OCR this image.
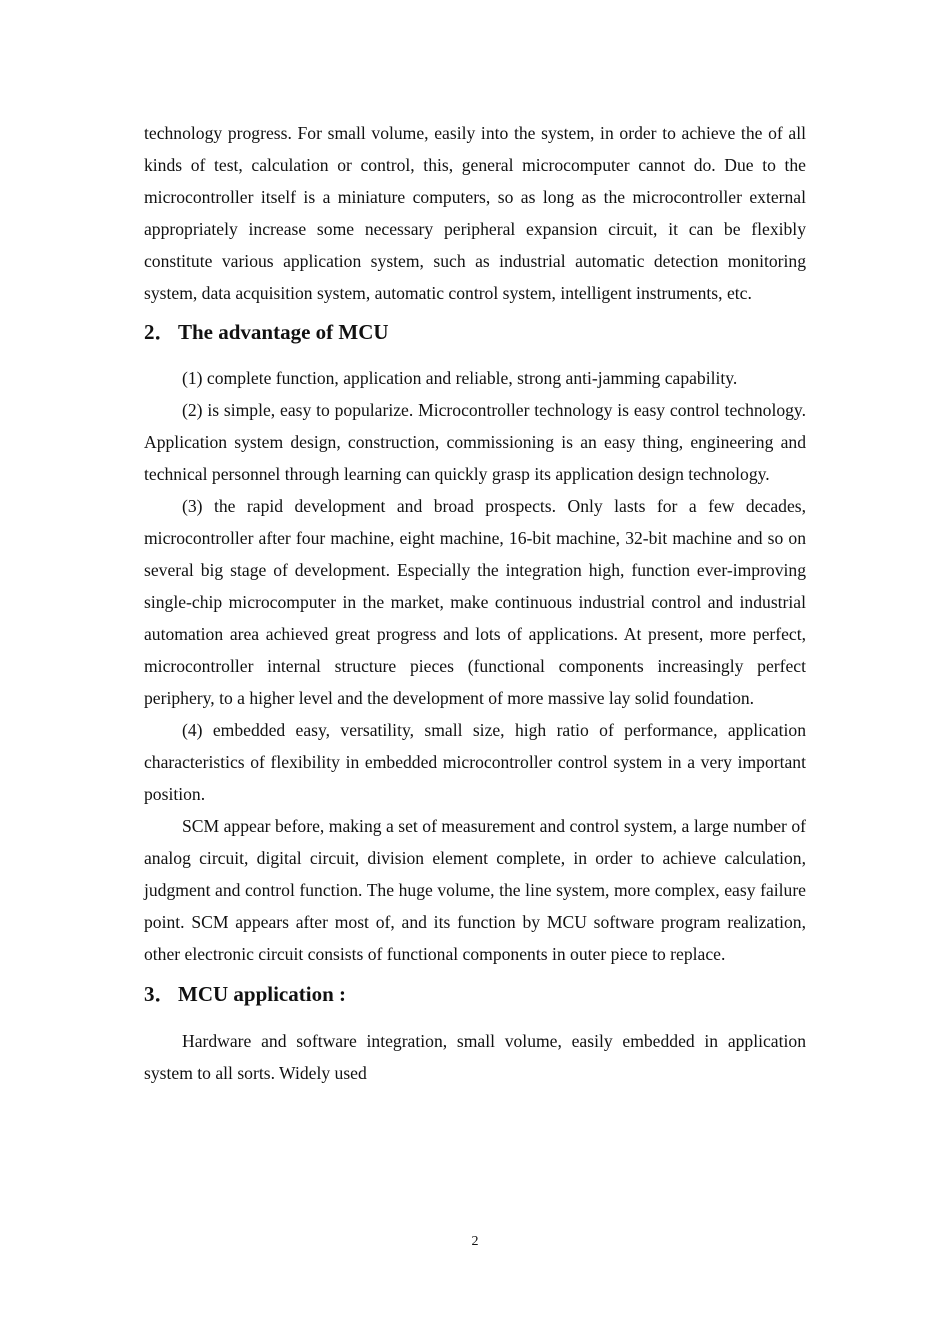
technology progress. For small volume, easily into the system, in order to achieve the of all kinds of test, calculation or control, this, general microcomputer cannot do. Due to the microcontroller itself is a miniature computers, so as long as the microcontroller external appropriately increase some necessary peripheral expansion circuit, it can be flexibly constitute various application system, such as industrial automatic detection monitoring system, data acquisition system, automatic control system, intelligent instruments, etc.

2． The advantage of MCU

(1) complete function, application and reliable, strong anti-jamming capability.

(2) is simple, easy to popularize. Microcontroller technology is easy control technology. Application system design, construction, commissioning is an easy thing, engineering and technical personnel through learning can quickly grasp its application design technology.

(3) the rapid development and broad prospects. Only lasts for a few decades, microcontroller after four machine, eight machine, 16-bit machine, 32-bit machine and so on several big stage of development. Especially the integration high, function ever-improving single-chip microcomputer in the market, make continuous industrial control and industrial automation area achieved great progress and lots of applications. At present, more perfect, microcontroller internal structure pieces (functional components increasingly perfect periphery, to a higher level and the development of more massive lay solid foundation.

(4) embedded easy, versatility, small size, high ratio of performance, application characteristics of flexibility in embedded microcontroller control system in a very important position.

SCM appear before, making a set of measurement and control system, a large number of analog circuit, digital circuit, division element complete, in order to achieve calculation, judgment and control function. The huge volume, the line system, more complex, easy failure point. SCM appears after most of, and its function by MCU software program realization, other electronic circuit consists of functional components in outer piece to replace.

3． MCU application :

Hardware and software integration, small volume, easily embedded in application system to all sorts. Widely used

2
